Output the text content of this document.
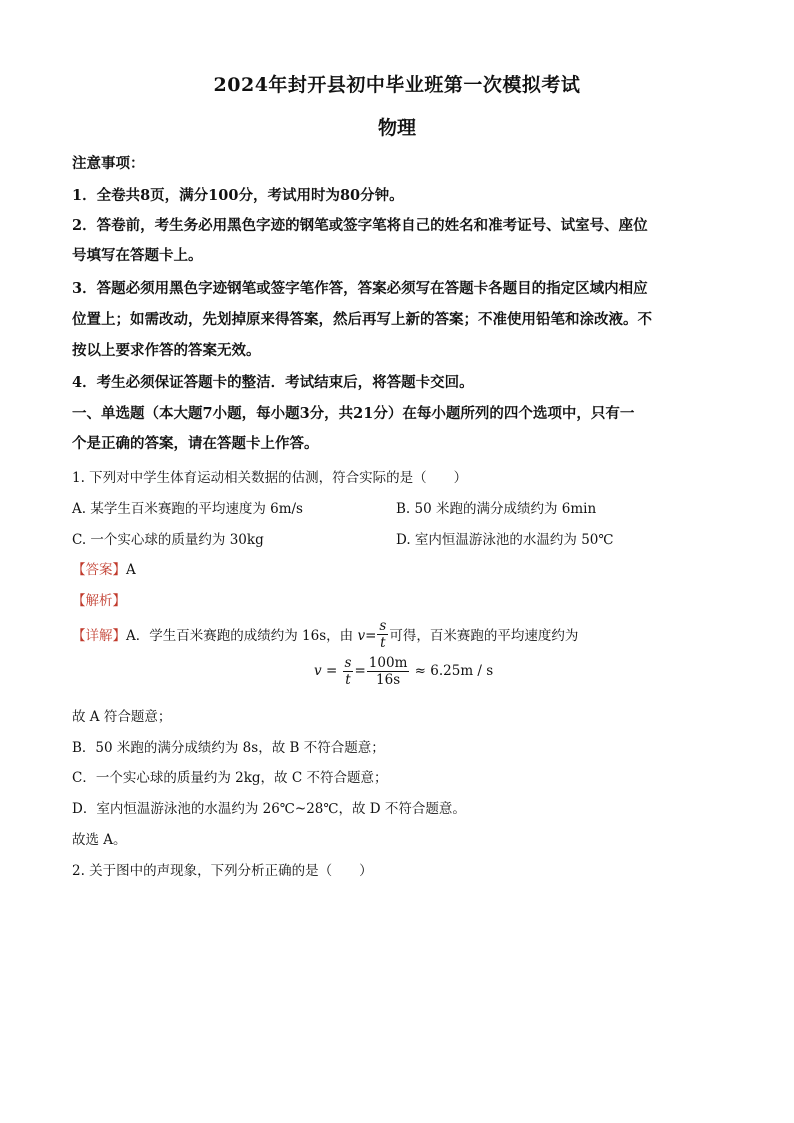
2024年封开县初中毕业班第一次模拟考试
物理
注意事项：
1．全卷共8页，满分100分，考试用时为80分钟。
2．答卷前，考生务必用黑色字迹的钢笔或签字笔将自己的姓名和准考证号、试室号、座位
号填写在答题卡上。
3．答题必须用黑色字迹钢笔或签字笔作答，答案必须写在答题卡各题目的指定区域内相应
位置上；如需改动，先划掉原来得答案，然后再写上新的答案；不准使用铅笔和涂改液。不
按以上要求作答的答案无效。
4．考生必须保证答题卡的整洁．考试结束后，将答题卡交回。
一、单选题（本大题7小题，每小题3分，共21分）在每小题所列的四个选项中，只有一
个是正确的答案，请在答题卡上作答。
1. 下列对中学生体育运动相关数据的估测，符合实际的是（　　）
A. 某学生百米赛跑的平均速度为 6m/s	B. 50 米跑的满分成绩约为 6min
C. 一个实心球的质量约为 30kg	D. 室内恒温游泳池的水温约为 50℃
【答案】A
【解析】
【详解】A．学生百米赛跑的成绩约为 16s，由 $v= \frac{s}{t}$ 可得，百米赛跑的平均速度约为
$v = \frac{s}{t} = \frac{100m}{16s} \approx 6.25m / s$
故 A 符合题意；
B．50 米跑的满分成绩约为 8s，故 B 不符合题意；
C．一个实心球的质量约为 2kg，故 C 不符合题意；
D．室内恒温游泳池的水温约为 26℃~28℃，故 D 不符合题意。
故选 A。
2. 关于图中的声现象，下列分析正确的是（　　）
